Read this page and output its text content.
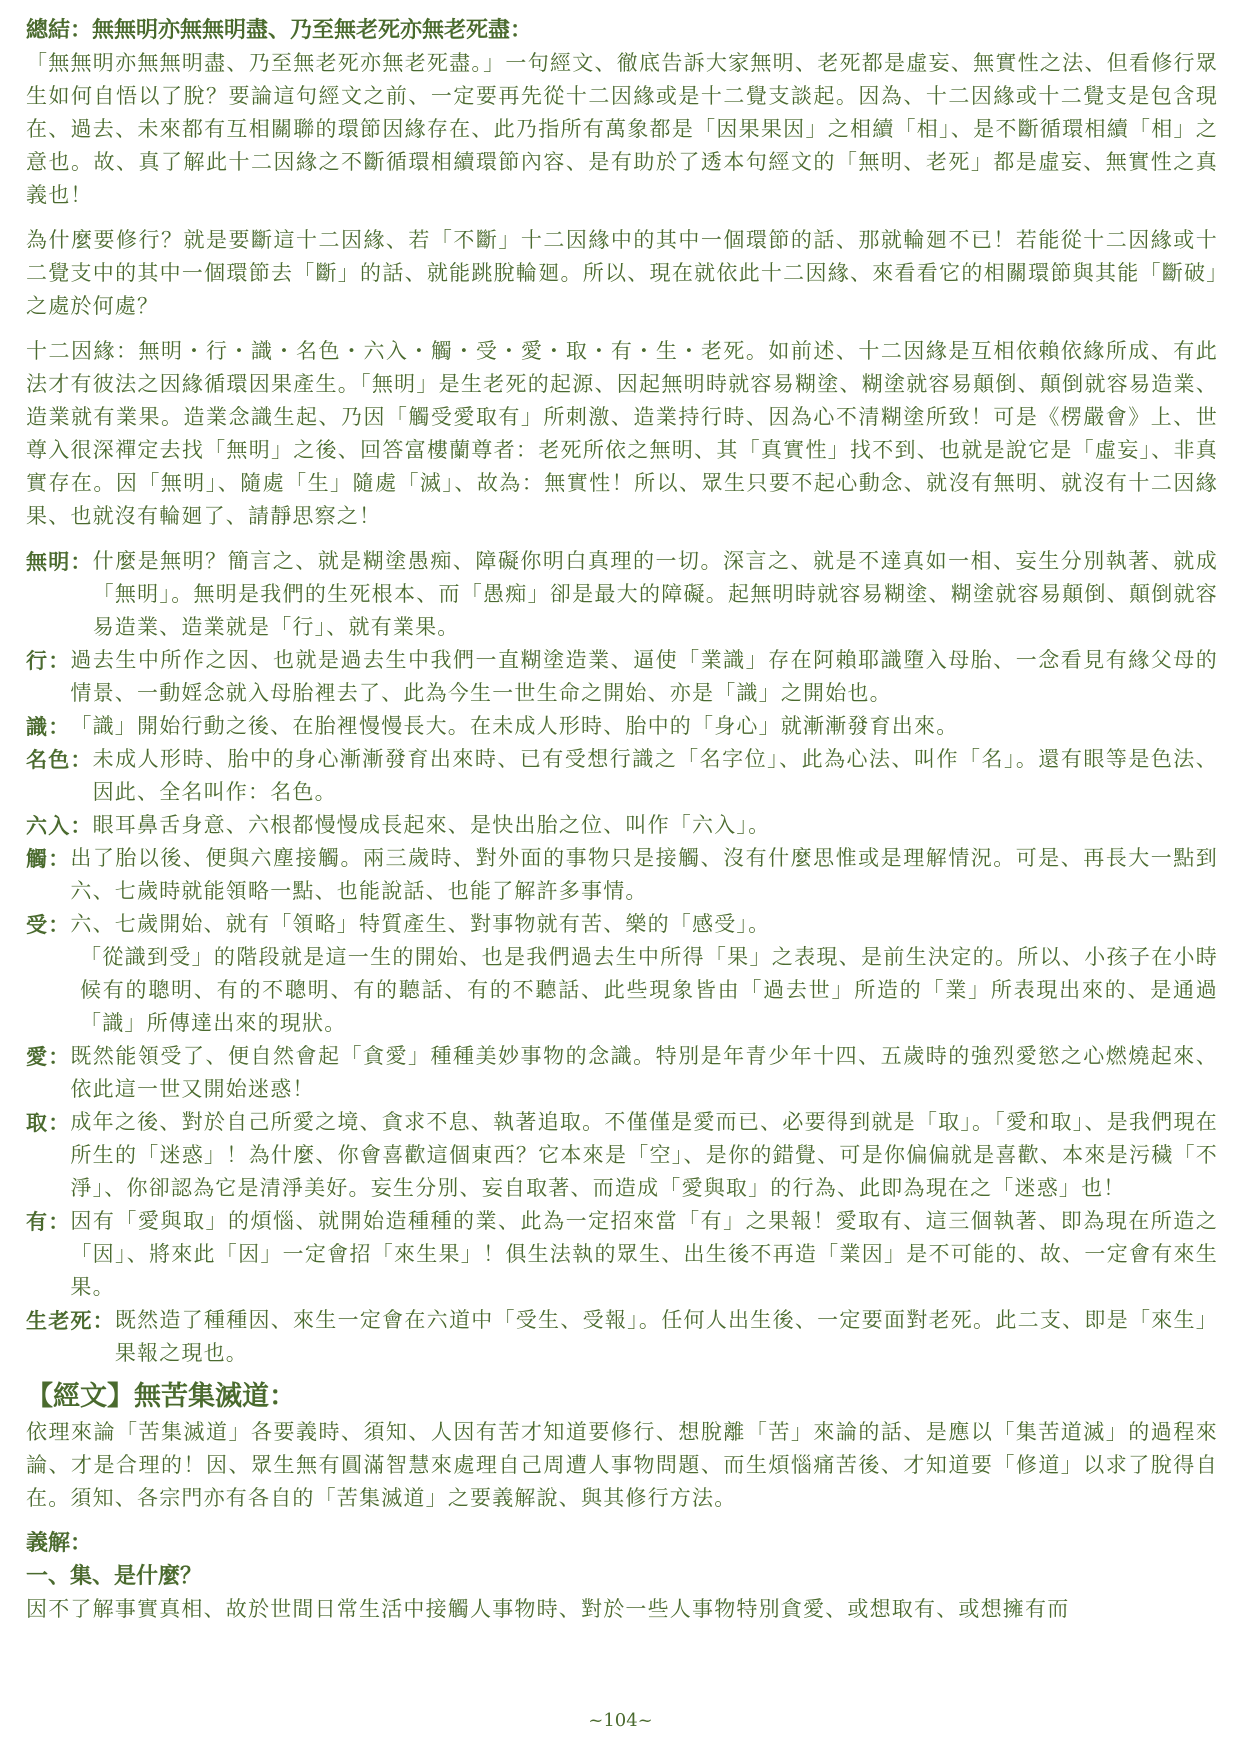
總結：無無明亦無無明盡、乃至無老死亦無老死盡：

「無無明亦無無明盡、乃至無老死亦無老死盡。」一句經文、徹底告訴大家無明、老死都是虛妄、無實性之法、但看修行眾生如何自悟以了脫？要論這句經文之前、一定要再先從十二因緣或是十二覺支談起。因為、十二因緣或十二覺支是包含現在、過去、未來都有互相關聯的環節因緣存在、此乃指所有萬象都是「因果果因」之相續「相」、是不斷循環相續「相」之意也。故、真了解此十二因緣之不斷循環相續環節內容、是有助於了透本句經文的「無明、老死」都是虛妄、無實性之真義也！

為什麼要修行？就是要斷這十二因緣、若「不斷」十二因緣中的其中一個環節的話、那就輪廻不已！若能從十二因緣或十二覺支中的其中一個環節去「斷」的話、就能跳脫輪廻。所以、現在就依此十二因緣、來看看它的相關環節與其能「斷破」之處於何處？

十二因緣：無明・行・識・名色・六入・觸・受・愛・取・有・生・老死。如前述、十二因緣是互相依賴依緣所成、有此法才有彼法之因緣循環因果產生。「無明」是生老死的起源、因起無明時就容易糊塗、糊塗就容易顛倒、顛倒就容易造業、造業就有業果。造業念識生起、乃因「觸受愛取有」所刺激、造業持行時、因為心不清糊塗所致！可是《楞嚴會》上、世尊入很深禪定去找「無明」之後、回答富樓蘭尊者：老死所依之無明、其「真實性」找不到、也就是說它是「虛妄」、非真實存在。因「無明」、隨處「生」隨處「滅」、故為：無實性！所以、眾生只要不起心動念、就沒有無明、就沒有十二因緣果、也就沒有輪廻了、請靜思察之！

無明： 什麼是無明？簡言之、就是糊塗愚痴、障礙你明白真理的一切。深言之、就是不達真如一相、妄生分別執著、就成「無明」。無明是我們的生死根本、而「愚痴」卻是最大的障礙。起無明時就容易糊塗、糊塗就容易顛倒、顛倒就容易造業、造業就是「行」、就有業果。
行： 過去生中所作之因、也就是過去生中我們一直糊塗造業、逼使「業識」存在阿賴耶識墮入母胎、一念看見有緣父母的情景、一動婬念就入母胎裡去了、此為今生一世生命之開始、亦是「識」之開始也。
識： 「識」開始行動之後、在胎裡慢慢長大。在未成人形時、胎中的「身心」就漸漸發育出來。
名色： 未成人形時、胎中的身心漸漸發育出來時、已有受想行識之「名字位」、此為心法、叫作「名」。還有眼等是色法、因此、全名叫作：名色。
六入： 眼耳鼻舌身意、六根都慢慢成長起來、是快出胎之位、叫作「六入」。
觸： 出了胎以後、便與六塵接觸。兩三歲時、對外面的事物只是接觸、沒有什麼思惟或是理解情況。可是、再長大一點到六、七歲時就能領略一點、也能說話、也能了解許多事情。
受： 六、七歲開始、就有「領略」特質產生、對事物就有苦、樂的「感受」。
「從識到受」的階段就是這一生的開始、也是我們過去生中所得「果」之表現、是前生決定的。所以、小孩子在小時候有的聰明、有的不聰明、有的聽話、有的不聽話、此些現象皆由「過去世」所造的「業」所表現出來的、是通過「識」所傳達出來的現狀。
愛： 既然能領受了、便自然會起「貪愛」種種美妙事物的念識。特別是年青少年十四、五歲時的強烈愛慾之心燃燒起來、依此這一世又開始迷惑！
取： 成年之後、對於自己所愛之境、貪求不息、執著追取。不僅僅是愛而已、必要得到就是「取」。「愛和取」、是我們現在所生的「迷惑」！為什麼、你會喜歡這個東西？它本來是「空」、是你的錯覺、可是你偏偏就是喜歡、本來是污穢「不淨」、你卻認為它是清淨美好。妄生分別、妄自取著、而造成「愛與取」的行為、此即為現在之「迷惑」也！
有： 因有「愛與取」的煩惱、就開始造種種的業、此為一定招來當「有」之果報！愛取有、這三個執著、即為現在所造之「因」、將來此「因」一定會招「來生果」！俱生法執的眾生、出生後不再造「業因」是不可能的、故、一定會有來生果。
生老死： 既然造了種種因、來生一定會在六道中「受生、受報」。任何人出生後、一定要面對老死。此二支、即是「來生」果報之現也。
【經文】無苦集滅道：

依理來論「苦集滅道」各要義時、須知、人因有苦才知道要修行、想脫離「苦」來論的話、是應以「集苦道滅」的過程來論、才是合理的！因、眾生無有圓滿智慧來處理自己周遭人事物問題、而生煩惱痛苦後、才知道要「修道」以求了脫得自在。須知、各宗門亦有各自的「苦集滅道」之要義解說、與其修行方法。

義解：
一、集、是什麼？

因不了解事實真相、故於世間日常生活中接觸人事物時、對於一些人事物特別貪愛、或想取有、或想擁有而

~104~
